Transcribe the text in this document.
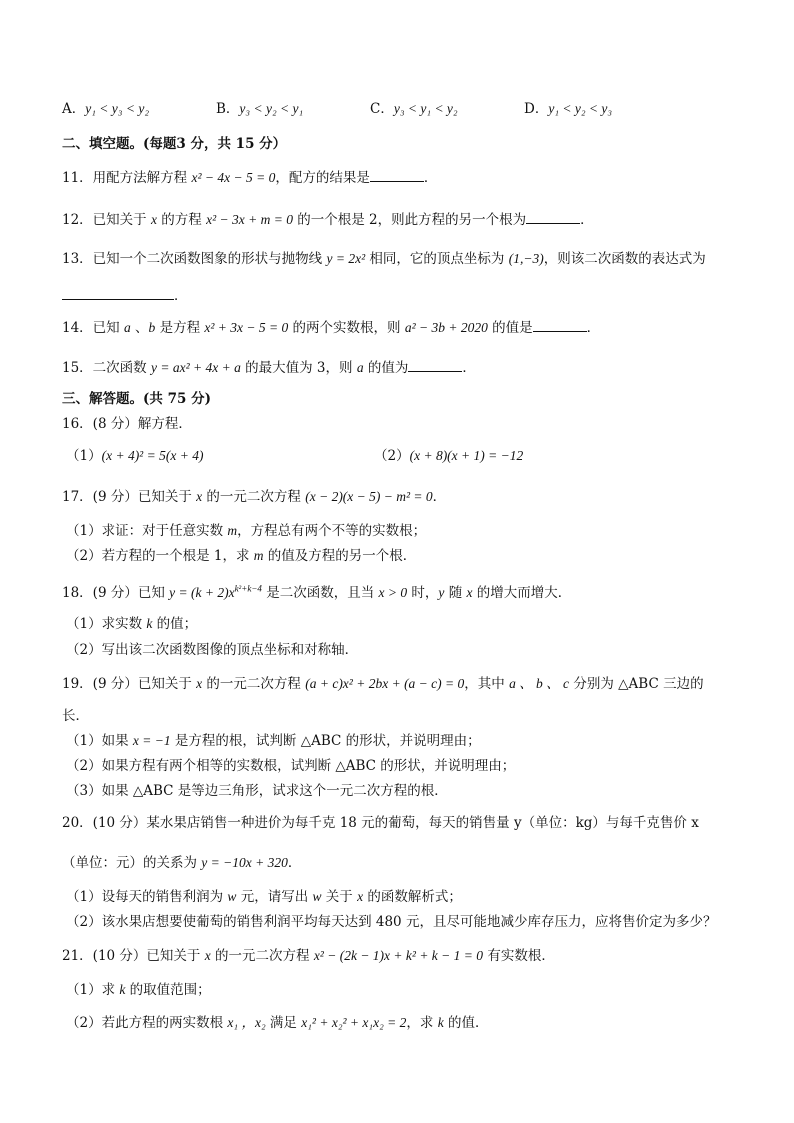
A．y₁ < y₃ < y₂	B．y₃ < y₂ < y₁	C．y₃ < y₁ < y₂	D．y₁ < y₂ < y₃
二、填空题。(每题3 分，共 15 分）
11．用配方法解方程 x² − 4x − 5 = 0，配方的结果是	．
12．已知关于 x 的方程 x² − 3x + m = 0 的一个根是 2，则此方程的另一个根为	．
13．已知一个二次函数图象的形状与抛物线 y = 2x² 相同，它的顶点坐标为 (1,−3)，则该二次函数的表达式为
．
14．已知 a 、b 是方程 x² + 3x − 5 = 0 的两个实数根，则 a² − 3b + 2020 的值是	．
15．二次函数 y = ax² + 4x + a 的最大值为 3，则 a 的值为	．
三、解答题。(共 75 分)
16．(8 分）解方程．
（1）(x + 4)² = 5(x + 4)	（2）(x + 8)(x + 1) = −12
17．(9 分）已知关于 x 的一元二次方程 (x − 2)(x − 5) − m² = 0．
（1）求证：对于任意实数 m，方程总有两个不等的实数根；
（2）若方程的一个根是 1，求 m 的值及方程的另一个根．
18．(9 分）已知 $y = (k + 2)x^{k^2+k-4}$ 是二次函数，且当 x > 0 时，y 随 x 的增大而增大．
（1）求实数 k 的值；
（2）写出该二次函数图像的顶点坐标和对称轴．
19．(9 分）已知关于 x 的一元二次方程 (a + c)x² + 2bx + (a − c) = 0，其中 a 、 b 、 c 分别为 △ABC 三边的
长．
（1）如果 x = −1 是方程的根，试判断 △ABC 的形状，并说明理由；
（2）如果方程有两个相等的实数根，试判断 △ABC 的形状，并说明理由；
（3）如果 △ABC 是等边三角形，试求这个一元二次方程的根．
20．(10 分）某水果店销售一种进价为每千克 18 元的葡萄，每天的销售量 y（单位：kg）与每千克售价 x
（单位：元）的关系为 y = −10x + 320．
（1）设每天的销售利润为 w 元，请写出 w 关于 x 的函数解析式；
（2）该水果店想要使葡萄的销售利润平均每天达到 480 元，且尽可能地减少库存压力，应将售价定为多少？
21．(10 分）已知关于 x 的一元二次方程 x² − (2k − 1)x + k² + k − 1 = 0 有实数根．
（1）求 k 的取值范围；
（2）若此方程的两实数根 x₁ ，x₂ 满足 x₁² + x₂² + x₁x₂ = 2，求 k 的值．
